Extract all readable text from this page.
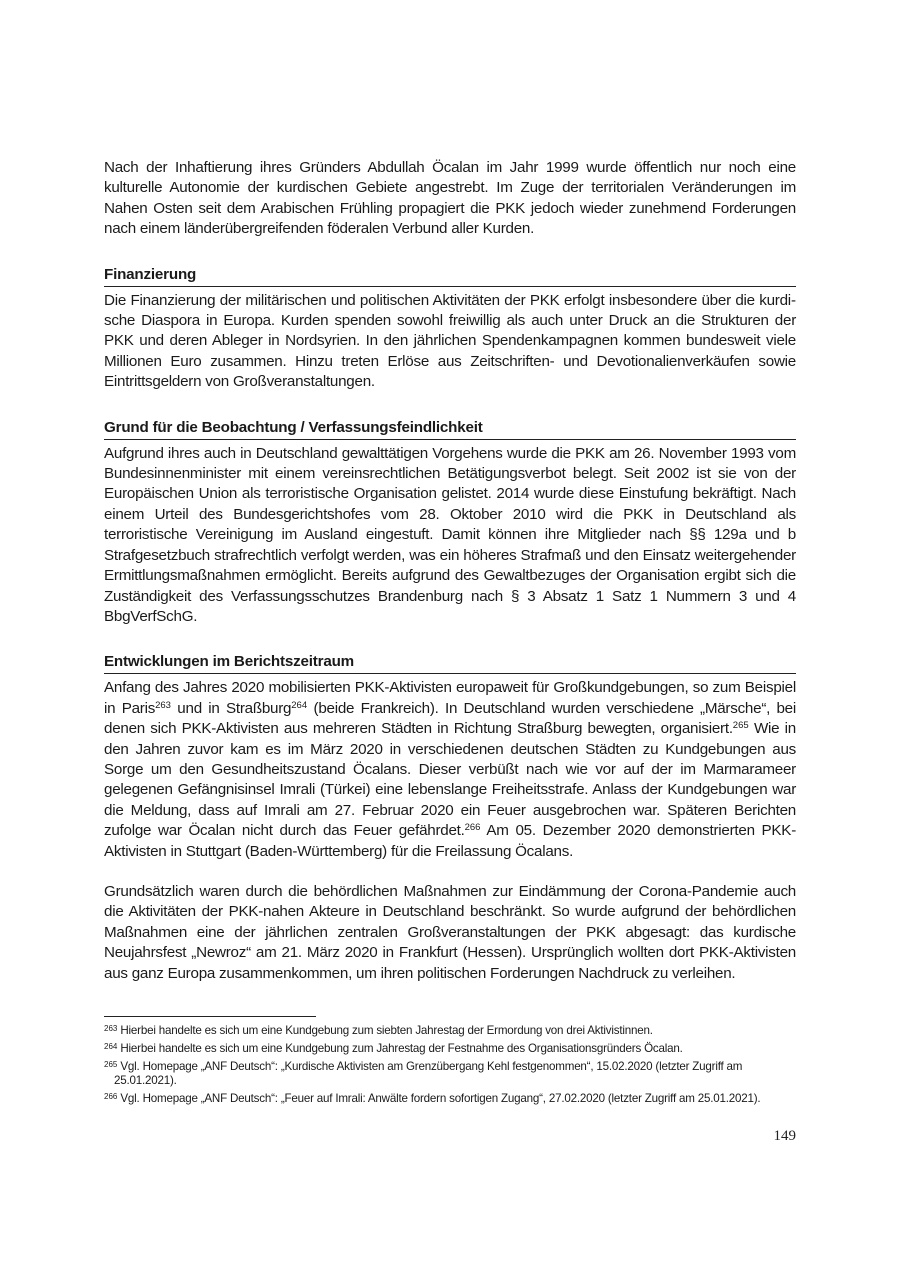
Nach der Inhaftierung ihres Gründers Abdullah Öcalan im Jahr 1999 wurde öffentlich nur noch eine kulturelle Autonomie der kurdischen Gebiete angestrebt. Im Zuge der territorialen Veränderungen im Nahen Osten seit dem Arabischen Frühling propagiert die PKK jedoch wieder zunehmend Forderungen nach einem länderübergreifenden föderalen Verbund aller Kurden.

Finanzierung

Die Finanzierung der militärischen und politischen Aktivitäten der PKK erfolgt insbesondere über die kurdische Diaspora in Europa. Kurden spenden sowohl freiwillig als auch unter Druck an die Strukturen der PKK und deren Ableger in Nordsyrien. In den jährlichen Spendenkampagnen kommen bundesweit viele Millionen Euro zusammen. Hinzu treten Erlöse aus Zeitschriften- und Devotionalienverkäufen sowie Eintrittsgeldern von Großveranstaltungen.

Grund für die Beobachtung / Verfassungsfeindlichkeit

Aufgrund ihres auch in Deutschland gewalttätigen Vorgehens wurde die PKK am 26. November 1993 vom Bundesinnenminister mit einem vereinsrechtlichen Betätigungsverbot belegt. Seit 2002 ist sie von der Europäischen Union als terroristische Organisation gelistet. 2014 wurde diese Einstufung bekräftigt. Nach einem Urteil des Bundesgerichtshofes vom 28. Oktober 2010 wird die PKK in Deutschland als terroristische Vereinigung im Ausland eingestuft. Damit können ihre Mitglieder nach §§ 129a und b Strafgesetzbuch strafrechtlich verfolgt werden, was ein höheres Strafmaß und den Einsatz weitergehender Ermittlungsmaßnahmen ermöglicht. Bereits aufgrund des Gewaltbezuges der Organisation ergibt sich die Zuständigkeit des Verfassungsschutzes Brandenburg nach § 3 Absatz 1 Satz 1 Nummern 3 und 4 BbgVerfSchG.

Entwicklungen im Berichtszeitraum

Anfang des Jahres 2020 mobilisierten PKK-Aktivisten europaweit für Großkundgebungen, so zum Beispiel in Paris$^{263}$ und in Straßburg$^{264}$ (beide Frankreich). In Deutschland wurden verschiedene „Märsche“, bei denen sich PKK-Aktivisten aus mehreren Städten in Richtung Straßburg bewegten, organisiert.$^{265}$ Wie in den Jahren zuvor kam es im März 2020 in verschiedenen deutschen Städten zu Kundgebungen aus Sorge um den Gesundheitszustand Öcalans. Dieser verbüßt nach wie vor auf der im Marmarameer gelegenen Gefängnisinsel Imrali (Türkei) eine lebenslange Freiheitsstrafe. Anlass der Kundgebungen war die Meldung, dass auf Imrali am 27. Februar 2020 ein Feuer ausgebrochen war. Späteren Berichten zufolge war Öcalan nicht durch das Feuer gefährdet.$^{266}$ Am 05. Dezember 2020 demonstrierten PKK-Aktivisten in Stuttgart (Baden-Württemberg) für die Freilassung Öcalans.

Grundsätzlich waren durch die behördlichen Maßnahmen zur Eindämmung der Corona-Pandemie auch die Aktivitäten der PKK-nahen Akteure in Deutschland beschränkt. So wurde aufgrund der behördlichen Maßnahmen eine der jährlichen zentralen Großveranstaltungen der PKK abgesagt: das kurdische Neujahrsfest „Newroz“ am 21. März 2020 in Frankfurt (Hessen). Ursprünglich wollten dort PKK-Aktivisten aus ganz Europa zusammenkommen, um ihren politischen Forderungen Nachdruck zu verleihen.

$^{263}$ Hierbei handelte es sich um eine Kundgebung zum siebten Jahrestag der Ermordung von drei Aktivistinnen.

$^{264}$ Hierbei handelte es sich um eine Kundgebung zum Jahrestag der Festnahme des Organisationsgründers Öcalan.

$^{265}$ Vgl. Homepage „ANF Deutsch“: „Kurdische Aktivisten am Grenzübergang Kehl festgenommen“, 15.02.2020 (letzter Zugriff am 25.01.2021).

$^{266}$ Vgl. Homepage „ANF Deutsch“: „Feuer auf Imrali: Anwälte fordern sofortigen Zugang“, 27.02.2020 (letzter Zugriff am 25.01.2021).

149
